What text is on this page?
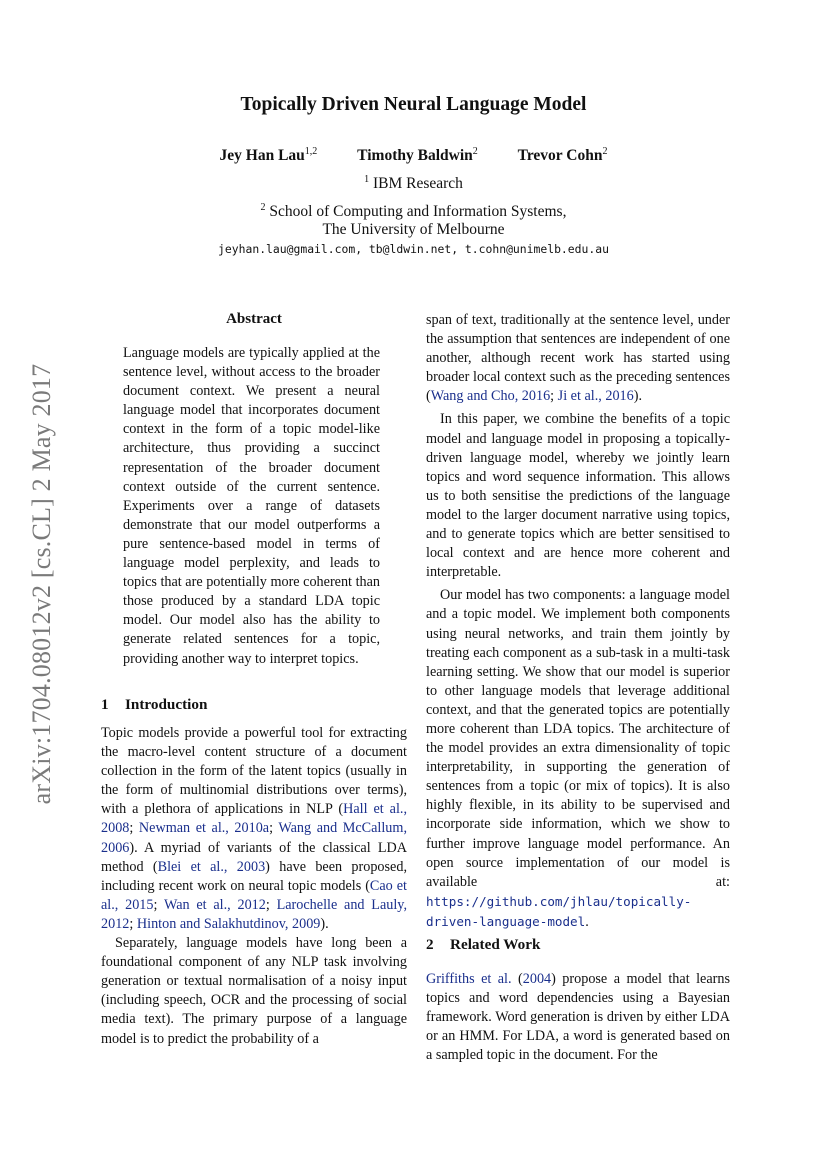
arXiv:1704.08012v2 [cs.CL] 2 May 2017
Topically Driven Neural Language Model
Jey Han Lau$^{1,2}$	Timothy Baldwin$^2$	Trevor Cohn$^2$
$^1$ IBM Research
$^2$ School of Computing and Information Systems,
The University of Melbourne
jeyhan.lau@gmail.com, tb@ldwin.net, t.cohn@unimelb.edu.au
Abstract
Language models are typically applied at the sentence level, without access to the broader document context. We present a neural language model that incorporates document context in the form of a topic model-like architecture, thus providing a succinct representation of the broader document context outside of the current sentence. Experiments over a range of datasets demonstrate that our model outperforms a pure sentence-based model in terms of language model perplexity, and leads to topics that are potentially more coherent than those produced by a standard LDA topic model. Our model also has the ability to generate related sentences for a topic, providing another way to interpret topics.
1 Introduction

Topic models provide a powerful tool for extracting the macro-level content structure of a document collection in the form of the latent topics (usually in the form of multinomial distributions over terms), with a plethora of applications in NLP (Hall et al., 2008; Newman et al., 2010a; Wang and McCallum, 2006). A myriad of variants of the classical LDA method (Blei et al., 2003) have been proposed, including recent work on neural topic models (Cao et al., 2015; Wan et al., 2012; Larochelle and Lauly, 2012; Hinton and Salakhutdinov, 2009).

Separately, language models have long been a foundational component of any NLP task involving generation or textual normalisation of a noisy input (including speech, OCR and the processing of social media text). The primary purpose of a language model is to predict the probability of a

span of text, traditionally at the sentence level, under the assumption that sentences are independent of one another, although recent work has started using broader local context such as the preceding sentences (Wang and Cho, 2016; Ji et al., 2016).

In this paper, we combine the benefits of a topic model and language model in proposing a topically-driven language model, whereby we jointly learn topics and word sequence information. This allows us to both sensitise the predictions of the language model to the larger document narrative using topics, and to generate topics which are better sensitised to local context and are hence more coherent and interpretable.

Our model has two components: a language model and a topic model. We implement both components using neural networks, and train them jointly by treating each component as a sub-task in a multi-task learning setting. We show that our model is superior to other language models that leverage additional context, and that the generated topics are potentially more coherent than LDA topics. The architecture of the model provides an extra dimensionality of topic interpretability, in supporting the generation of sentences from a topic (or mix of topics). It is also highly flexible, in its ability to be supervised and incorporate side information, which we show to further improve language model performance. An open source implementation of our model is available at: https://github.com/jhlau/topically-driven-language-model.

2 Related Work

Griffiths et al. (2004) propose a model that learns topics and word dependencies using a Bayesian framework. Word generation is driven by either LDA or an HMM. For LDA, a word is generated based on a sampled topic in the document. For the
